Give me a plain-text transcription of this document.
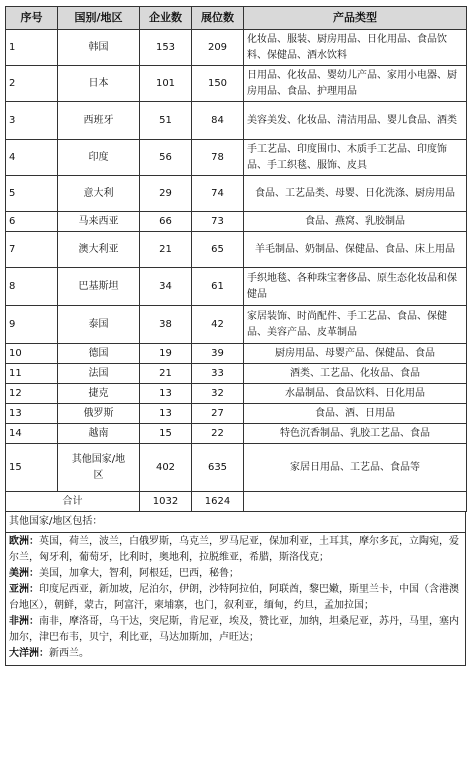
序号	国别/地区	企业数	展位数	产品类型
1	韩国	153	209	化妆品、服装、厨房用品、日化用品、食品饮料、保健品、酒水饮料
2	日本	101	150	日用品、化妆品、婴幼儿产品、家用小电器、厨房用品、食品、护理用品
3	西班牙	51	84	美容美发、化妆品、清洁用品、婴儿食品、酒类
4	印度	56	78	手工艺品、印度围巾、木质手工艺品、印度饰品、手工织毯、服饰、皮具
5	意大利	29	74	食品、工艺品类、母婴、日化洗涤、厨房用品
6	马来西亚	66	73	食品、燕窝、乳胶制品
7	澳大利亚	21	65	羊毛制品、奶制品、保健品、食品、床上用品
8	巴基斯坦	34	61	手织地毯、各种珠宝奢侈品、原生态化妆品和保健品
9	泰国	38	42	家居装饰、时尚配件、手工艺品、食品、保健品、美容产品、皮革制品
10	德国	19	39	厨房用品、母婴产品、保健品、食品
11	法国	21	33	酒类、工艺品、化妆品、食品
12	捷克	13	32	水晶制品、食品饮料、日化用品
13	俄罗斯	13	27	食品、酒、日用品
14	越南	15	22	特色沉香制品、乳胶工艺品、食品
15	其他国家/地区	402	635	家居日用品、工艺品、食品等
合计		1032	1624	
其他国家/地区包括：

欧洲：英国，荷兰，波兰，白俄罗斯，乌克兰，罗马尼亚，保加利亚，土耳其，摩尔多瓦，立陶宛，爱尔兰，匈牙利，葡萄牙，比利时，奥地利，拉脱维亚，希腊，斯洛伐克；

美洲：美国，加拿大，智利，阿根廷，巴西，秘鲁；

亚洲：印度尼西亚，新加坡，尼泊尔，伊朗，沙特阿拉伯，阿联酋，黎巴嫩，斯里兰卡，中国（含港澳台地区），朝鲜，蒙古，阿富汗，柬埔寨，也门，叙利亚，缅甸，约旦，孟加拉国；

非洲：南非，摩洛哥，乌干达，突尼斯，肯尼亚，埃及，赞比亚，加纳，坦桑尼亚，苏丹，马里，塞内加尔，津巴布韦，贝宁，利比亚，马达加斯加，卢旺达；

大洋洲：新西兰。
